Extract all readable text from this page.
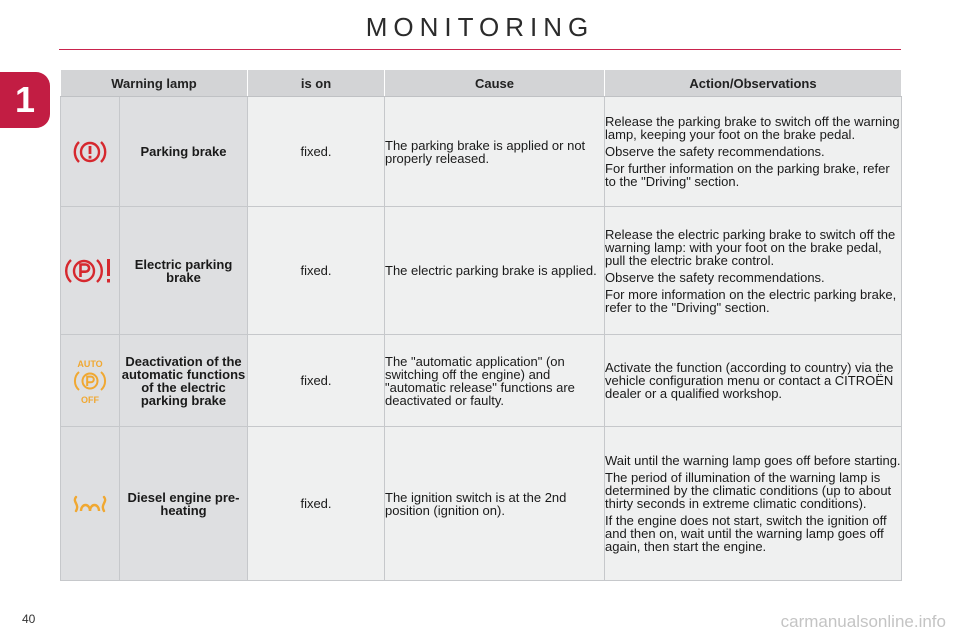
MONITORING
1	Warning lamp		is on	Cause	Action/Observations

	Parking brake	fixed.	The parking brake is applied or not properly released.	Release the parking brake to switch off the warning lamp, keeping your foot on the brake pedal.

Observe the safety recommendations.

For further information on the parking brake, refer to the "Driving" section.

	Electric parking brake	fixed.	The electric parking brake is applied.	Release the electric parking brake to switch off the warning lamp: with your foot on the brake pedal, pull the electric brake control.

Observe the safety recommendations.

For more information on the electric parking brake, refer to the "Driving" section.

AUTO
OFF	Deactivation of the automatic functions of the electric parking brake	fixed.	The "automatic application" (on switching off the engine) and "automatic release" functions are deactivated or faulty.	Activate the function (according to country) via the vehicle configuration menu or contact a CITROËN dealer or a qualified workshop.

	Diesel engine pre-heating	fixed.	The ignition switch is at the 2nd position (ignition on).	Wait until the warning lamp goes off before starting.

The period of illumination of the warning lamp is determined by the climatic conditions (up to about thirty seconds in extreme climatic conditions).

If the engine does not start, switch the ignition off and then on, wait until the warning lamp goes off again, then start the engine.

40	carmanualsonline.info
